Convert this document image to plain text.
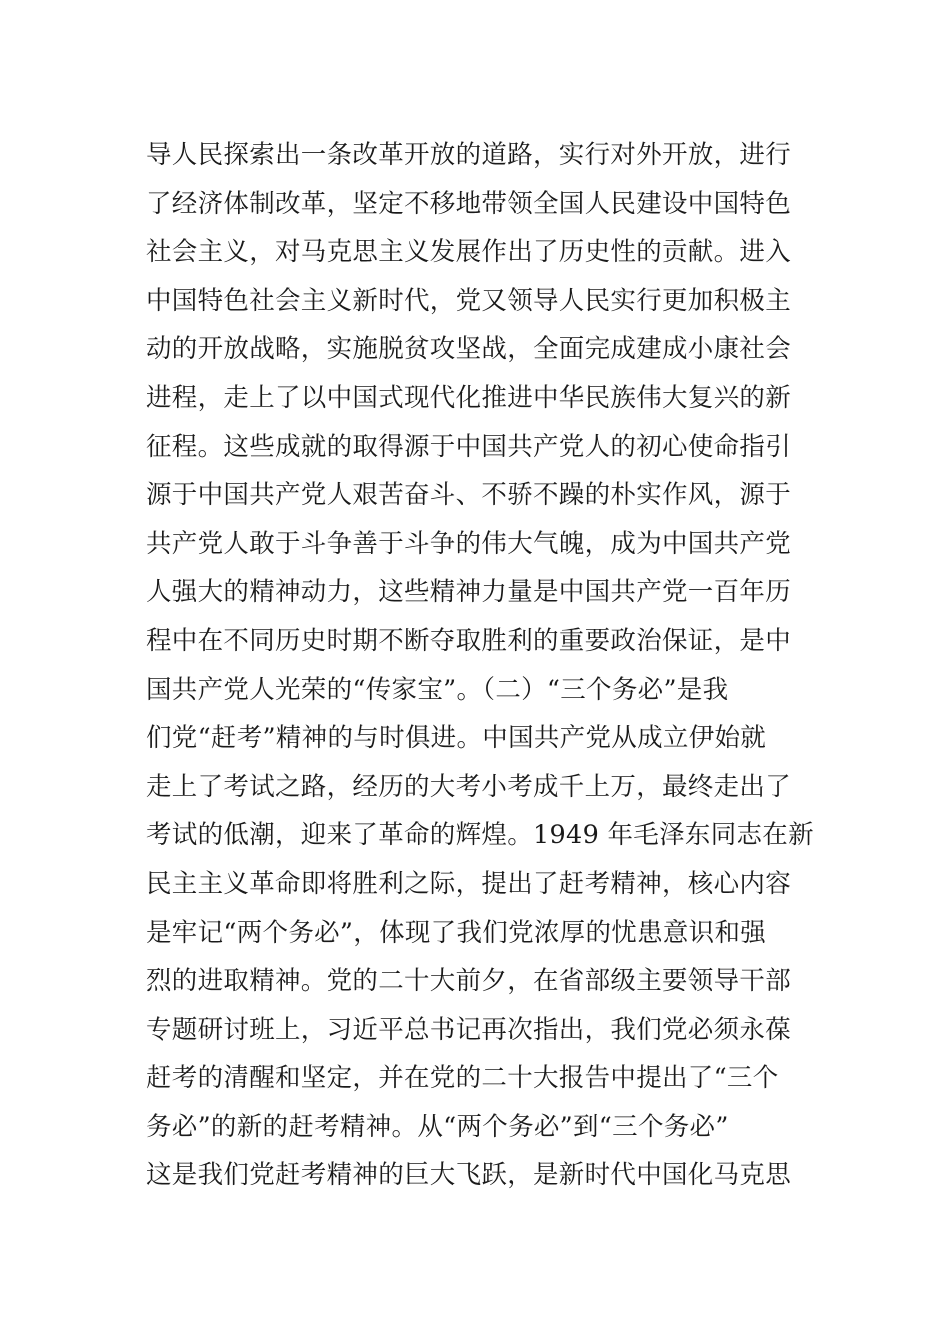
导人民探索出一条改革开放的道路，实行对外开放，进行
了经济体制改革，坚定不移地带领全国人民建设中国特色
社会主义，对马克思主义发展作出了历史性的贡献。进入
中国特色社会主义新时代，党又领导人民实行更加积极主
动的开放战略，实施脱贫攻坚战，全面完成建成小康社会
进程，走上了以中国式现代化推进中华民族伟大复兴的新
征程。这些成就的取得源于中国共产党人的初心使命指引
源于中国共产党人艰苦奋斗、不骄不躁的朴实作风，源于
共产党人敢于斗争善于斗争的伟大气魄，成为中国共产党
人强大的精神动力，这些精神力量是中国共产党一百年历
程中在不同历史时期不断夺取胜利的重要政治保证，是中
国共产党人光荣的“传家宝”。（二）“三个务必”是我
们党“赶考”精神的与时俱进。中国共产党从成立伊始就
走上了考试之路，经历的大考小考成千上万，最终走出了
考试的低潮，迎来了革命的辉煌。1949 年毛泽东同志在新
民主主义革命即将胜利之际，提出了赶考精神，核心内容
是牢记“两个务必”，体现了我们党浓厚的忧患意识和强
烈的进取精神。党的二十大前夕，在省部级主要领导干部
专题研讨班上，习近平总书记再次指出，我们党必须永葆
赶考的清醒和坚定，并在党的二十大报告中提出了“三个
务必”的新的赶考精神。从“两个务必”到“三个务必”
这是我们党赶考精神的巨大飞跃，是新时代中国化马克思
